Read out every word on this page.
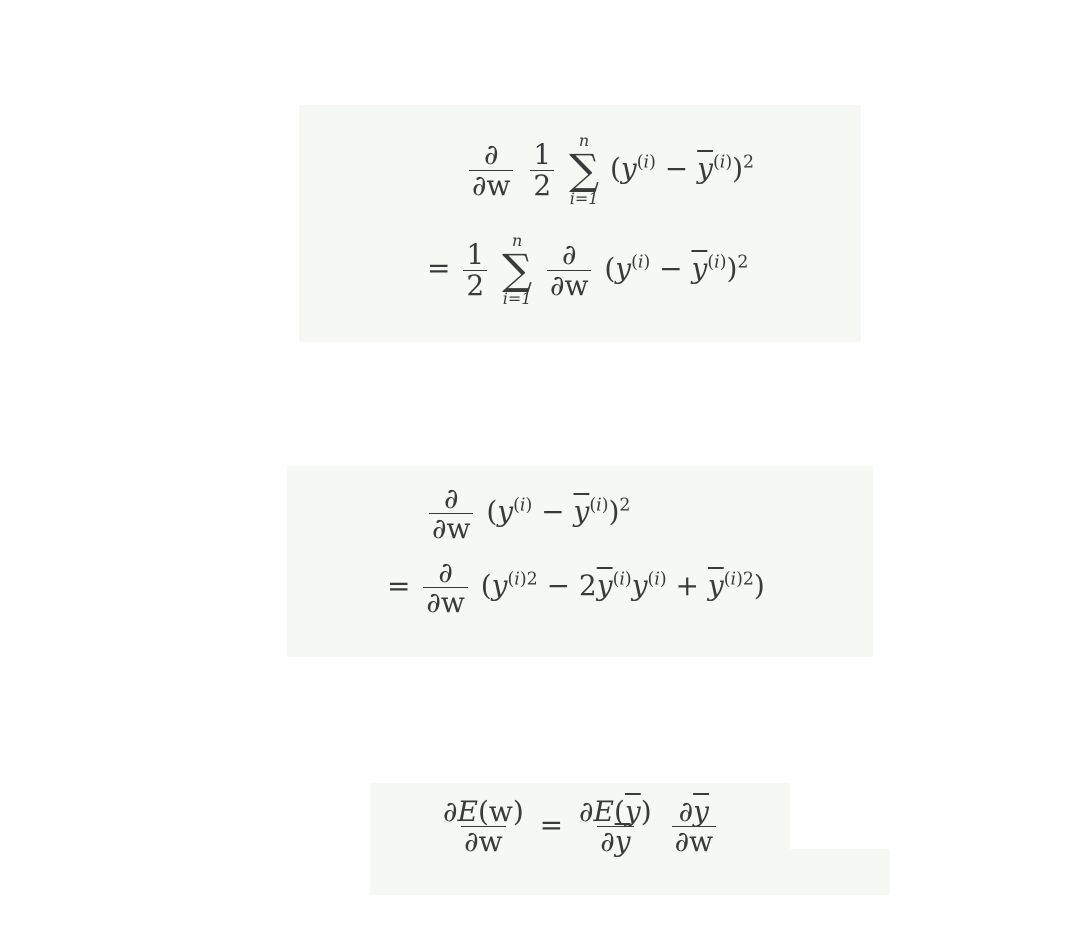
$\frac{\partial}{\partial w}$
$\frac{1}{2}$
n
∑
i=1
$(y^{(i)} - \overline{y}^{(i)})^2$
= $\frac{1}{2}$
n
∑
i=1
$\frac{\partial}{\partial w} (y^{(i)} - \overline{y}^{(i)})^2$

$\frac{\partial}{\partial w} (y^{(i)} - \overline{y}^{(i)})^2$
= $\frac{\partial}{\partial w} (y^{(i)2} - 2\overline{y}^{(i)}y^{(i)} + \overline{y}^{(i)2})$

$\frac{\partial E(w)}{\partial w} = \frac{\partial E(\overline{y})}{\partial\overline{y}}$
$\frac{\partial\overline{y}}{\partial w}$
